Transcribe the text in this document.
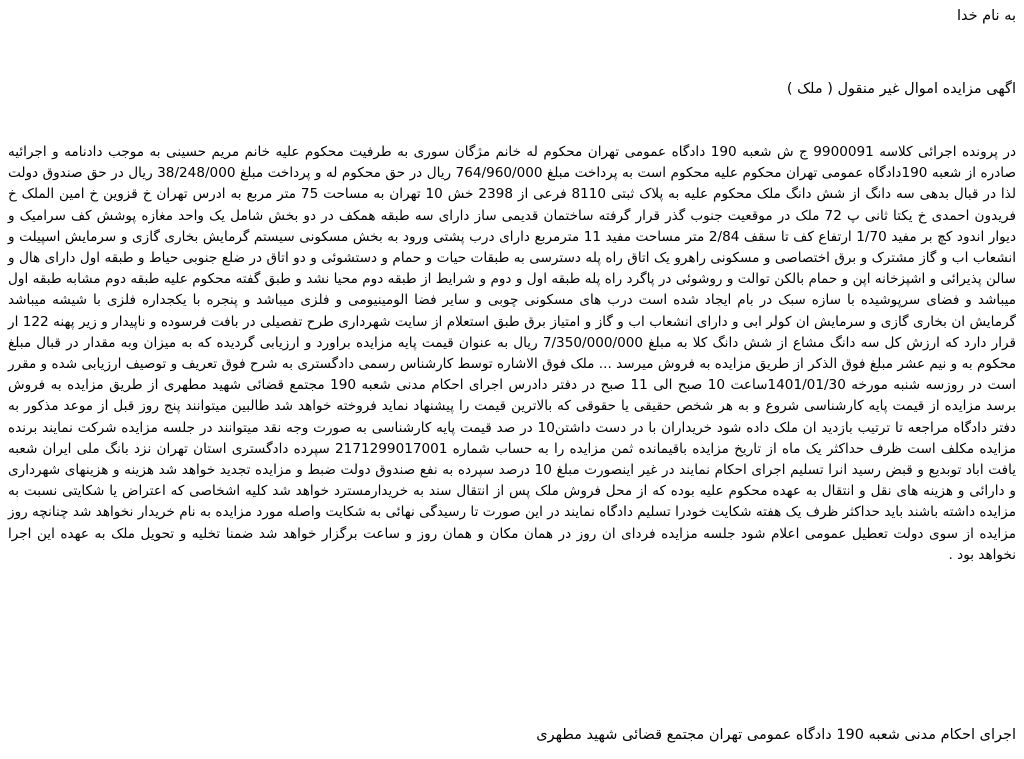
به نام خدا
اگهی مزایده اموال غیر منقول ( ملک )

در پرونده اجرائی کلاسه 9900091 ج ش شعبه 190 دادگاه عمومی تهران محکوم له خانم مژگان سوری به طرفیت محکوم علیه خانم مریم حسینی به موجب دادنامه و اجرائیه صادره از شعبه 190دادگاه عمومی تهران محکوم علیه محکوم است به پرداخت مبلغ 764/960/000 ریال در حق محکوم له و پرداخت مبلغ 38/248/000 ریال در حق صندوق دولت لذا در قبال بدهی سه دانگ از شش دانگ ملک محکوم علیه به پلاک ثبتی 8110 فرعی از 2398 خش 10 تهران به مساحت 75 متر مربع به ادرس تهران خ قزوین خ امین الملک خ فریدون احمدی خ یکتا ثانی پ 72 ملک در موقعیت جنوب گذر قرار گرفته ساختمان قدیمی ساز دارای سه طبقه همکف در دو بخش شامل یک واحد مغازه پوشش کف سرامیک و دیوار اندود کچ بر مفید 1/70 ارتفاع کف تا سقف 2/84 متر مساحت مفید 11 مترمربع دارای درب پشتی ورود به بخش مسکونی سیستم گرمایش بخاری گازی و سرمایش اسپیلت و انشعاب اب و گاز مشترک و برق اختصاصی و مسکونی راهرو یک اتاق راه پله دسترسی به طبقات حیات و حمام و دستشوئی و دو اتاق در ضلع جنوبی حیاط و طبقه اول دارای هال و سالن پذیرائی و اشپزخانه اپن و حمام بالکن توالت و روشوئی در پاگرد راه پله طبقه اول و دوم و شرایط از طبقه دوم محیا نشد و طبق گفته محکوم علیه طبقه دوم مشابه طبقه اول میباشد و فضای سرپوشیده با سازه سبک در بام ایجاد شده است درب های مسکونی چوبی و سایر فضا الومینیومی و فلزی میباشد و پنجره با یکجداره فلزی با شیشه میباشد گرمایش ان بخاری گازی و سرمایش ان کولر ابی و دارای انشعاب اب و گاز و امتیاز برق طبق استعلام از سایت شهرداری طرح تفصیلی در بافت فرسوده و ناپیدار و زیر پهنه 122 ار قرار دارد که ارزش کل سه دانگ مشاع از شش دانگ کلا به مبلغ 7/350/000/000 ریال به عنوان قیمت پایه مزایده براورد و ارزیابی گردیده که به میزان وبه مقدار در قبال مبلغ محکوم به و نیم عشر مبلغ فوق الذکر از طریق مزایده به فروش میرسد ... ملک فوق الاشاره توسط کارشناس رسمی دادگستری به شرح فوق تعریف و توصیف ارزیابی شده و مقرر است در روزسه شنبه مورخه 1401/01/30ساعت 10 صبح الی 11 صبح در دفتر دادرس اجرای احکام مدنی شعبه 190 مجتمع قضائی شهید مطهری از طریق مزایده به فروش برسد مزایده از قیمت پایه کارشناسی شروع و به هر شخص حقیقی یا حقوقی که بالاترین قیمت را پیشنهاد نماید فروخته خواهد شد طالبین میتوانند پنج روز قبل از موعد مذکور به دفتر دادگاه مراجعه تا ترتیب بازدید ان ملک داده شود خریداران با در دست داشتن10 در صد قیمت پایه کارشناسی به صورت وجه نقد میتوانند در جلسه مزایده شرکت نمایند برنده مزایده مکلف است ظرف حداکثر یک ماه از تاریخ مزایده باقیمانده ثمن مزایده را به حساب شماره 2171299017001 سپرده دادگستری استان تهران نزد بانگ ملی ایران شعبه یافت اباد توبدیع و قبض رسید انرا تسلیم اجرای احکام نمایند در غیر اینصورت مبلغ 10 درصد سپرده به نفع صندوق دولت ضبط و مزایده تجدید خواهد شد هزینه و هزینهای شهرداری و دارائی و هزینه های نقل و انتقال به عهده محکوم علیه بوده که از محل فروش ملک پس از انتقال سند به خریدارمسترد خواهد شد کلیه اشخاصی که اعتراض یا شکایتی نسبت به مزایده داشته باشند باید حداکثر ظرف یک هفته شکایت خودرا تسلیم دادگاه نمایند در این صورت تا رسیدگی نهائی به شکایت واصله مورد مزایده به نام خریدار نخواهد شد چنانچه روز مزایده از سوی دولت تعطیل عمومی اعلام شود جلسه مزایده فردای ان روز در همان مکان و همان روز و ساعت برگزار خواهد شد ضمنا تخلیه و تحویل ملک به عهده این اجرا نخواهد بود .

اجرای احکام مدنی شعبه 190 دادگاه عمومی تهران مجتمع قضائی شهید مطهری
